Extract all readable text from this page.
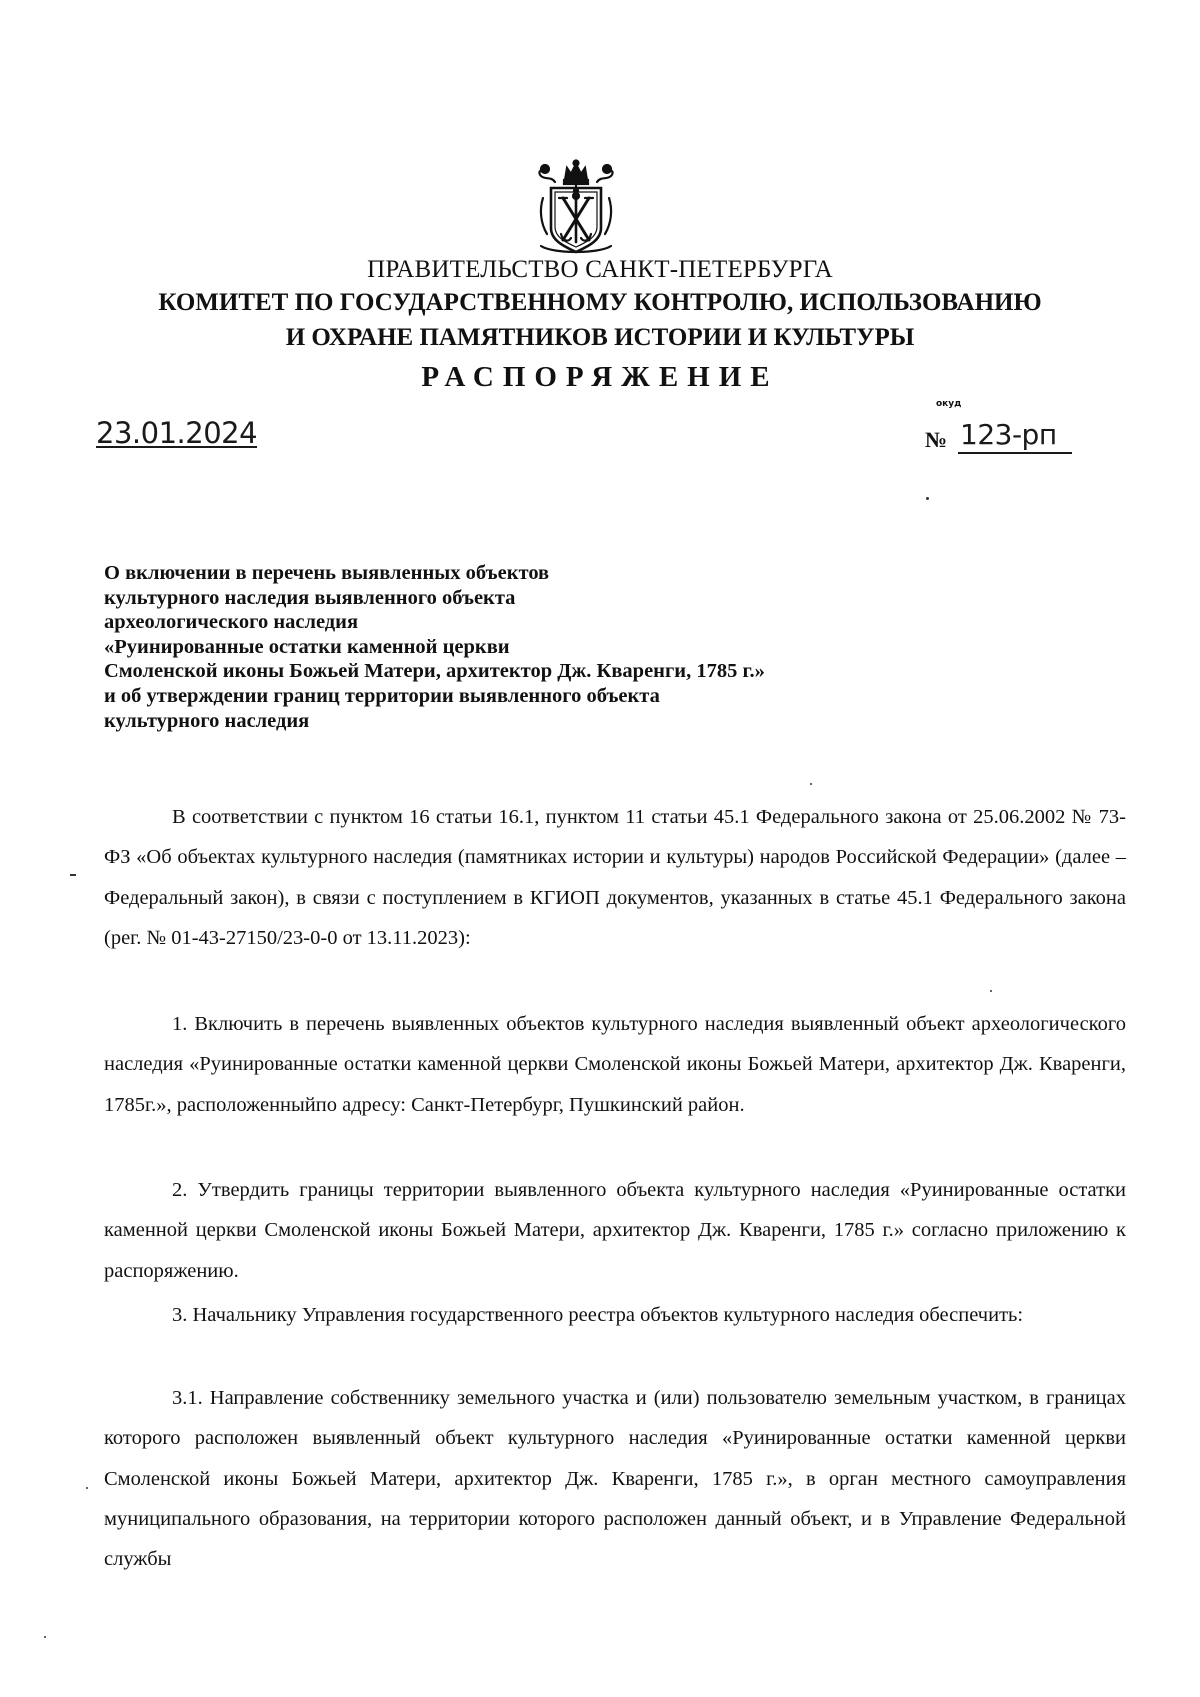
ПРАВИТЕЛЬСТВО САНКТ-ПЕТЕРБУРГА
КОМИТЕТ ПО ГОСУДАРСТВЕННОМУ КОНТРОЛЮ, ИСПОЛЬЗОВАНИЮ
И ОХРАНЕ ПАМЯТНИКОВ ИСТОРИИ И КУЛЬТУРЫ
РАСПОРЯЖЕНИЕ
23.01.2024
окуд
№ 123-рп
О включении в перечень выявленных объектов
культурного наследия выявленного объекта
археологического наследия
«Руинированные остатки каменной церкви
Смоленской иконы Божьей Матери, архитектор Дж. Кваренги, 1785 г.»
и об утверждении границ территории выявленного объекта
культурного наследия
В соответствии с пунктом 16 статьи 16.1, пунктом 11 статьи 45.1 Федерального закона от 25.06.2002 № 73-ФЗ «Об объектах культурного наследия (памятниках истории и культуры) народов Российской Федерации» (далее – Федеральный закон), в связи с поступлением в КГИОП документов, указанных в статье 45.1 Федерального закона (рег. № 01-43-27150/23-0-0 от 13.11.2023):
1. Включить в перечень выявленных объектов культурного наследия выявленный объект археологического наследия «Руинированные остатки каменной церкви Смоленской иконы Божьей Матери, архитектор Дж. Кваренги, 1785г.», расположенныйпо адресу: Санкт-Петербург, Пушкинский район.
2. Утвердить границы территории выявленного объекта культурного наследия «Руинированные остатки каменной церкви Смоленской иконы Божьей Матери, архитектор Дж. Кваренги, 1785 г.» согласно приложению к распоряжению.
3. Начальнику Управления государственного реестра объектов культурного наследия обеспечить:
3.1. Направление собственнику земельного участка и (или) пользователю земельным участком, в границах которого расположен выявленный объект культурного наследия «Руинированные остатки каменной церкви Смоленской иконы Божьей Матери, архитектор Дж. Кваренги, 1785 г.», в орган местного самоуправления муниципального образования, на территории которого расположен данный объект, и в Управление Федеральной службы
